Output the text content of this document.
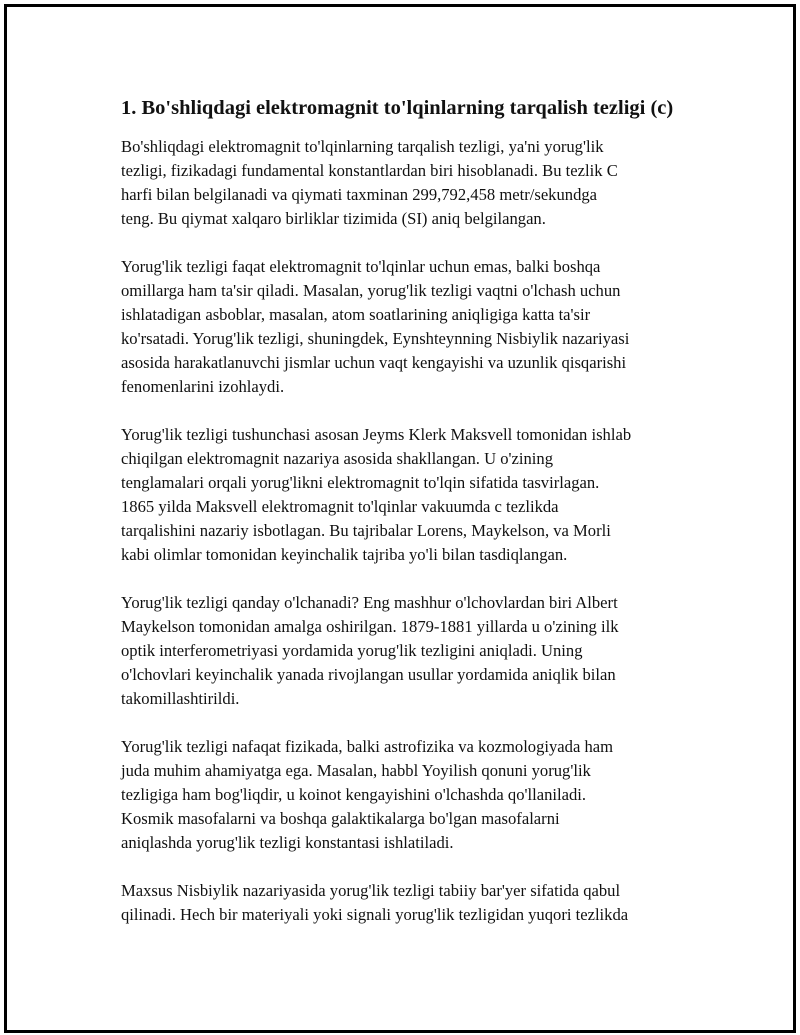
1. Bo'shliqdagi elektromagnit to'lqinlarning tarqalish tezligi (c)

Bo'shliqdagi elektromagnit to'lqinlarning tarqalish tezligi, ya'ni yorug'lik
tezligi, fizikadagi fundamental konstantlardan biri hisoblanadi. Bu tezlik C
harfi bilan belgilanadi va qiymati taxminan 299,792,458 metr/sekundga
teng. Bu qiymat xalqaro birliklar tizimida (SI) aniq belgilangan.

Yorug'lik tezligi faqat elektromagnit to'lqinlar uchun emas, balki boshqa
omillarga ham ta'sir qiladi. Masalan, yorug'lik tezligi vaqtni o'lchash uchun
ishlatadigan asboblar, masalan, atom soatlarining aniqligiga katta ta'sir
ko'rsatadi. Yorug'lik tezligi, shuningdek, Eynshteynning Nisbiylik nazariyasi
asosida harakatlanuvchi jismlar uchun vaqt kengayishi va uzunlik qisqarishi
fenomenlarini izohlaydi.

Yorug'lik tezligi tushunchasi asosan Jeyms Klerk Maksvell tomonidan ishlab
chiqilgan elektromagnit nazariya asosida shakllangan. U o'zining
tenglamalari orqali yorug'likni elektromagnit to'lqin sifatida tasvirlagan.
1865 yilda Maksvell elektromagnit to'lqinlar vakuumda c tezlikda
tarqalishini nazariy isbotlagan. Bu tajribalar Lorens, Maykelson, va Morli
kabi olimlar tomonidan keyinchalik tajriba yo'li bilan tasdiqlangan.

Yorug'lik tezligi qanday o'lchanadi? Eng mashhur o'lchovlardan biri Albert
Maykelson tomonidan amalga oshirilgan. 1879-1881 yillarda u o'zining ilk
optik interferometriyasi yordamida yorug'lik tezligini aniqladi. Uning
o'lchovlari keyinchalik yanada rivojlangan usullar yordamida aniqlik bilan
takomillashtirildi.

Yorug'lik tezligi nafaqat fizikada, balki astrofizika va kozmologiyada ham
juda muhim ahamiyatga ega. Masalan, habbl Yoyilish qonuni yorug'lik
tezligiga ham bog'liqdir, u koinot kengayishini o'lchashda qo'llaniladi.
Kosmik masofalarni va boshqa galaktikalarga bo'lgan masofalarni
aniqlashda yorug'lik tezligi konstantasi ishlatiladi.

Maxsus Nisbiylik nazariyasida yorug'lik tezligi tabiiy bar'yer sifatida qabul
qilinadi. Hech bir materiyali yoki signali yorug'lik tezligidan yuqori tezlikda
